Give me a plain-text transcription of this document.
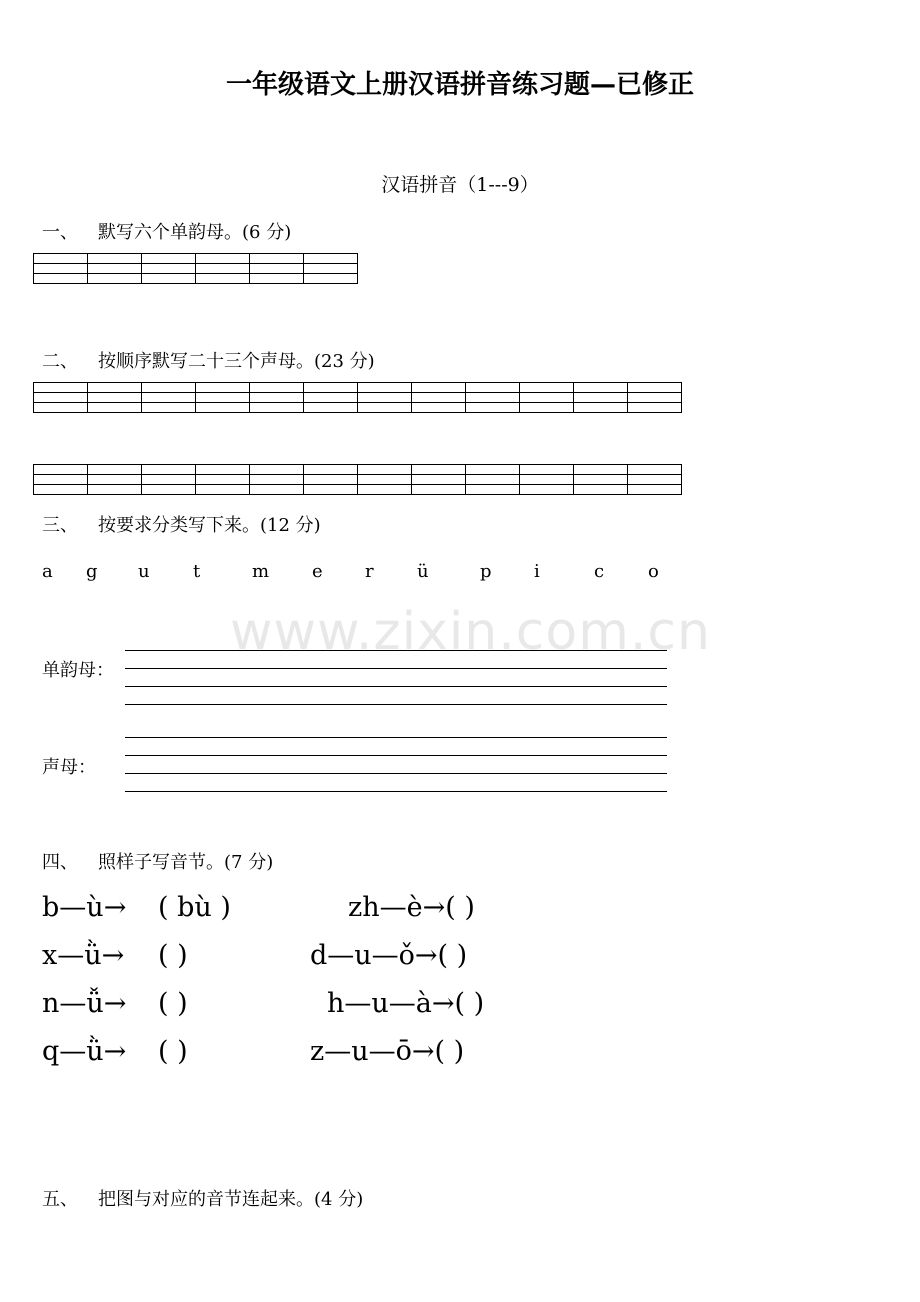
一年级语文上册汉语拼音练习题—已修正
汉语拼音（1---9）
www.zixin.com.cn
一、 默写六个单韵母。(6 分)

二、 按顺序默写二十三个声母。(23 分)

三、 按要求分类写下来。(12 分)
a g u t	m e r ü	p i	c o
单韵母：
声母：
四、 照样子写音节。(7 分)
b—ù→ ( bù )	zh—è→( )
x—ǜ→ ( )	d—u—ǒ→( )
n—ǚ→ ( )	h—u—à→( )
q—ǜ→ ( )	z—u—ō→( )
五、 把图与对应的音节连起来。(4 分)
